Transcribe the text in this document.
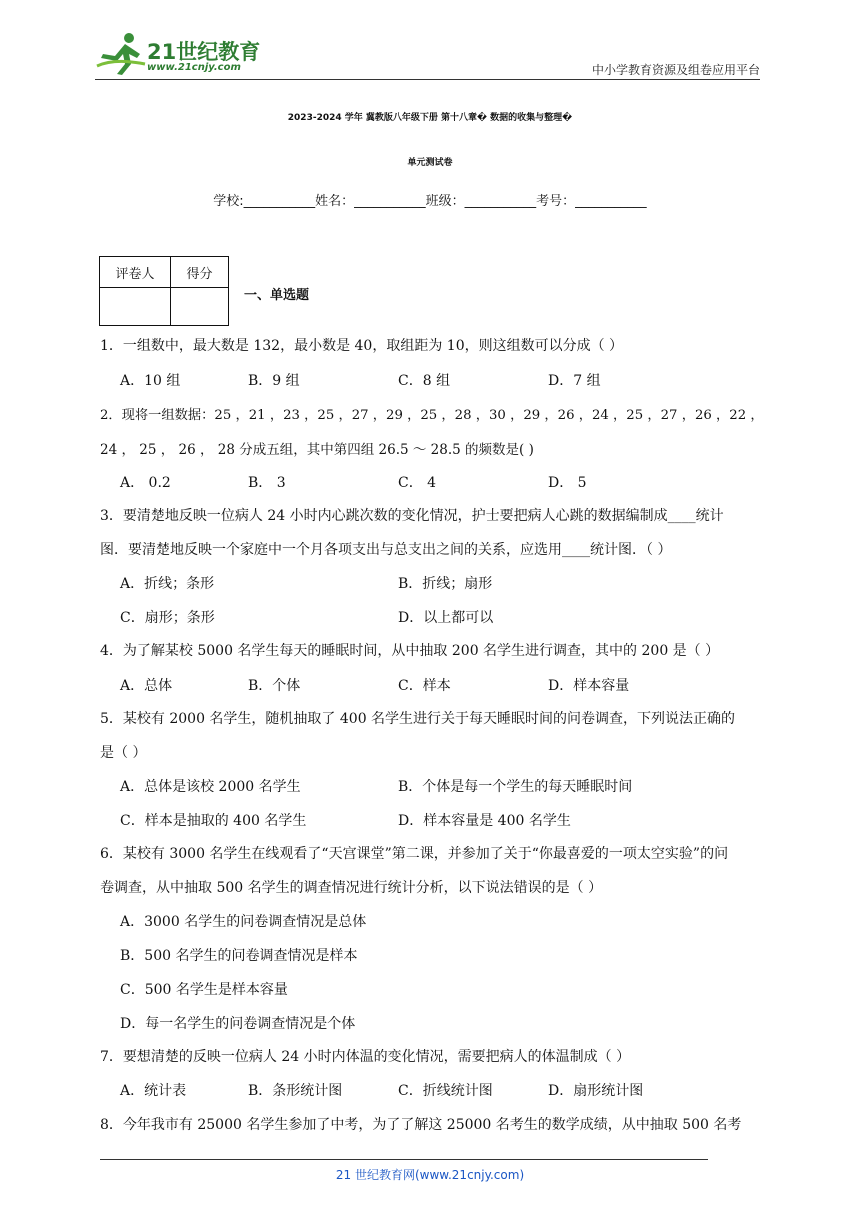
21世纪教育
www.21cnjy.com	中小学教育资源及组卷应用平台
2023-2024 学年 冀教版八年级下册 第十八章� 数据的收集与整理�
单元测试卷
学校:___________姓名：___________班级：___________考号：___________
评卷人	得分

一、单选题
1．一组数中，最大数是 132，最小数是 40，取组距为 10，则这组数可以分成（ ）
A．10 组	B．9 组	C．8 组	D．7 组
2．现将一组数据：25 ，21 ，23 ，25 ，27 ，29 ，25 ，28 ，30 ，29 ，26 ，24 ，25 ，27 ，26 ，22 ，
24 ， 25 ， 26 ， 28 分成五组，其中第四组 26.5 ～ 28.5 的频数是( )
A． 0.2	B． 3	C． 4	D． 5
3．要清楚地反映一位病人 24 小时内心跳次数的变化情况，护士要把病人心跳的数据编制成____统计
图．要清楚地反映一个家庭中一个月各项支出与总支出之间的关系，应选用____统计图．（ ）
A．折线；条形	B．折线；扇形
C．扇形；条形	D．以上都可以
4．为了解某校 5000 名学生每天的睡眠时间，从中抽取 200 名学生进行调查，其中的 200 是（ ）
A．总体	B．个体	C．样本	D．样本容量
5．某校有 2000 名学生，随机抽取了 400 名学生进行关于每天睡眠时间的问卷调查，下列说法正确的
是（ ）
A．总体是该校 2000 名学生	B．个体是每一个学生的每天睡眠时间
C．样本是抽取的 400 名学生	D．样本容量是 400 名学生
6．某校有 3000 名学生在线观看了“天宫课堂”第二课，并参加了关于“你最喜爱的一项太空实验”的问
卷调查，从中抽取 500 名学生的调查情况进行统计分析，以下说法错误的是（ ）
A．3000 名学生的问卷调查情况是总体
B．500 名学生的问卷调查情况是样本
C．500 名学生是样本容量
D．每一名学生的问卷调查情况是个体
7．要想清楚的反映一位病人 24 小时内体温的变化情况，需要把病人的体温制成（ ）
A．统计表	B．条形统计图	C．折线统计图	D．扇形统计图
8．今年我市有 25000 名学生参加了中考，为了了解这 25000 名考生的数学成绩，从中抽取 500 名考
21 世纪教育网(www.21cnjy.com)
